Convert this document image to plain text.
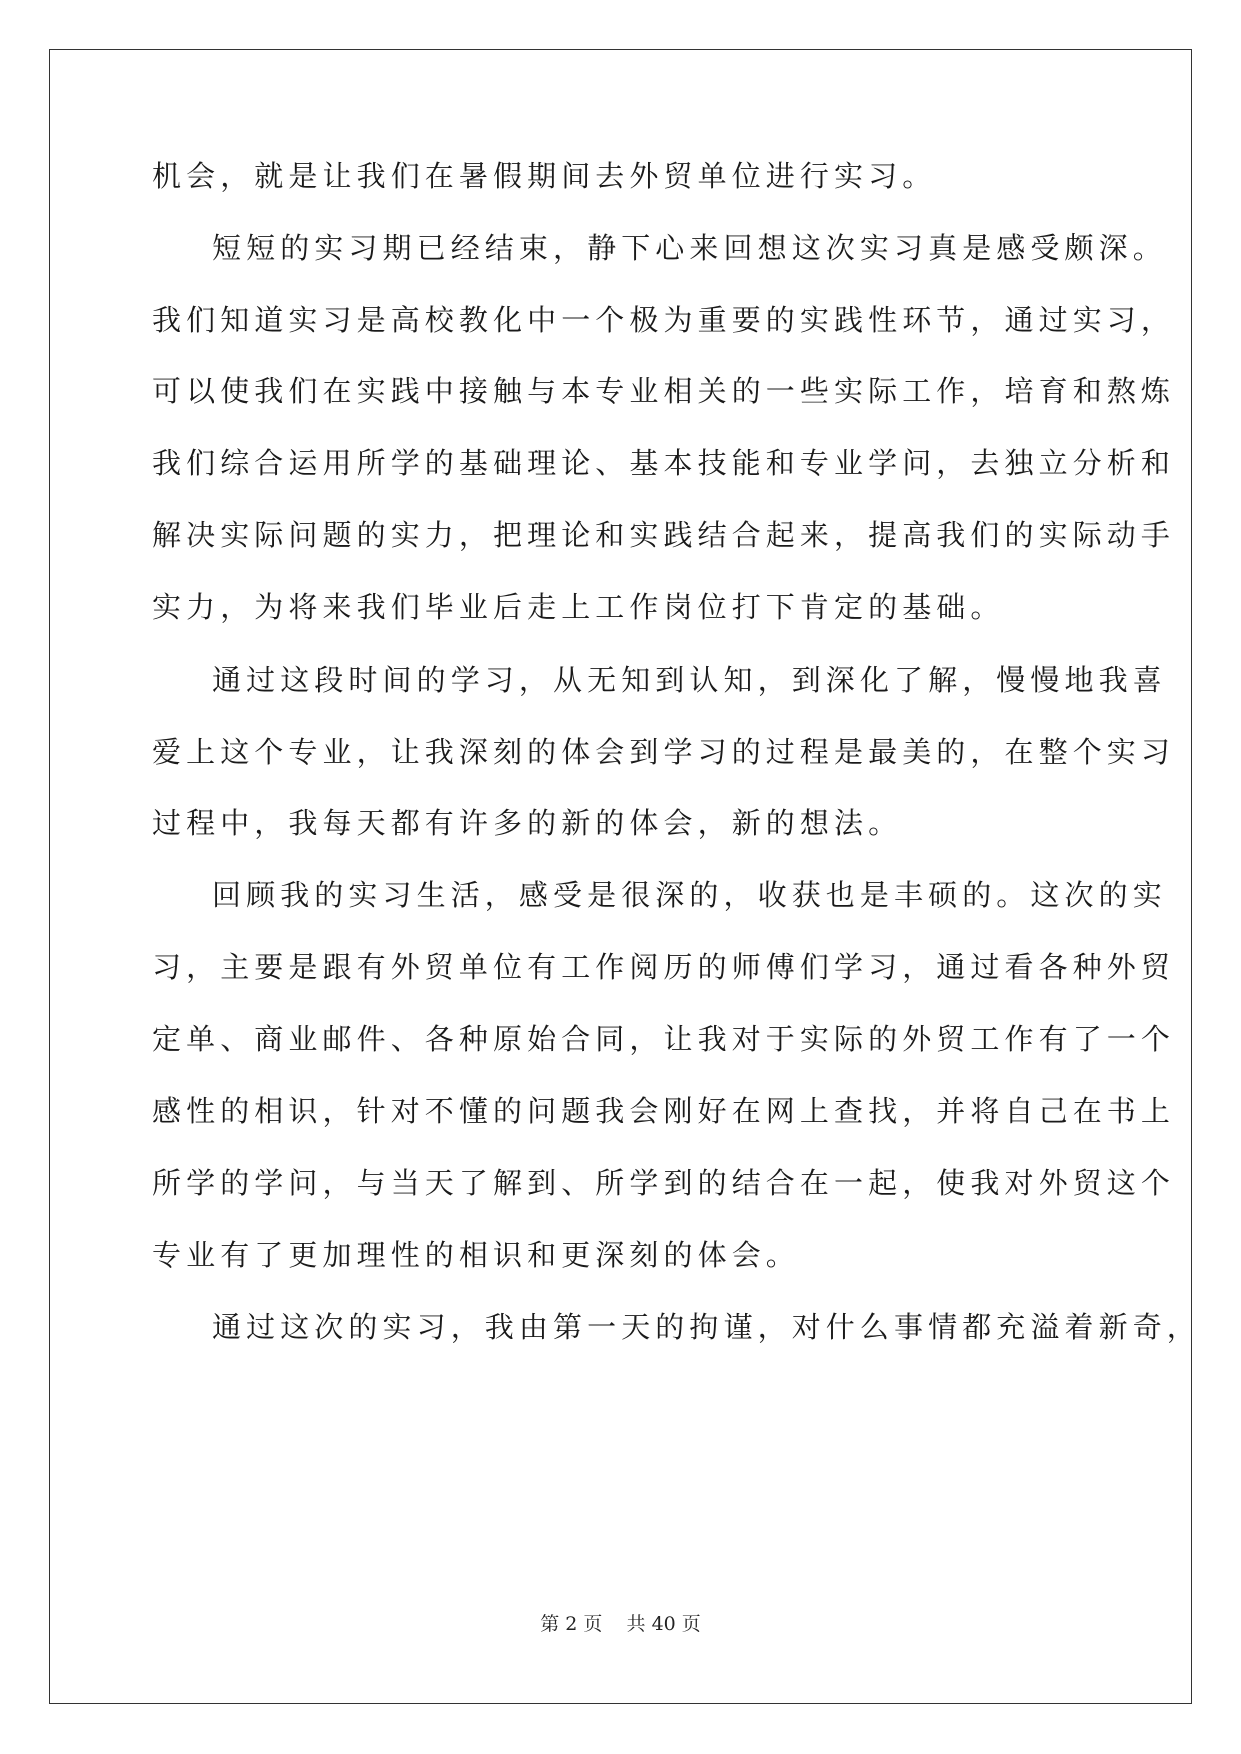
机会，就是让我们在暑假期间去外贸单位进行实习。
短短的实习期已经结束，静下心来回想这次实习真是感受颇深。
我们知道实习是高校教化中一个极为重要的实践性环节，通过实习，
可以使我们在实践中接触与本专业相关的一些实际工作，培育和熬炼
我们综合运用所学的基础理论、基本技能和专业学问，去独立分析和
解决实际问题的实力，把理论和实践结合起来，提高我们的实际动手
实力，为将来我们毕业后走上工作岗位打下肯定的基础。
通过这段时间的学习，从无知到认知，到深化了解，慢慢地我喜
爱上这个专业，让我深刻的体会到学习的过程是最美的，在整个实习
过程中，我每天都有许多的新的体会，新的想法。
回顾我的实习生活，感受是很深的，收获也是丰硕的。这次的实
习，主要是跟有外贸单位有工作阅历的师傅们学习，通过看各种外贸
定单、商业邮件、各种原始合同，让我对于实际的外贸工作有了一个
感性的相识，针对不懂的问题我会刚好在网上查找，并将自己在书上
所学的学问，与当天了解到、所学到的结合在一起，使我对外贸这个
专业有了更加理性的相识和更深刻的体会。
通过这次的实习，我由第一天的拘谨，对什么事情都充溢着新奇，
第 2 页 共 40 页
